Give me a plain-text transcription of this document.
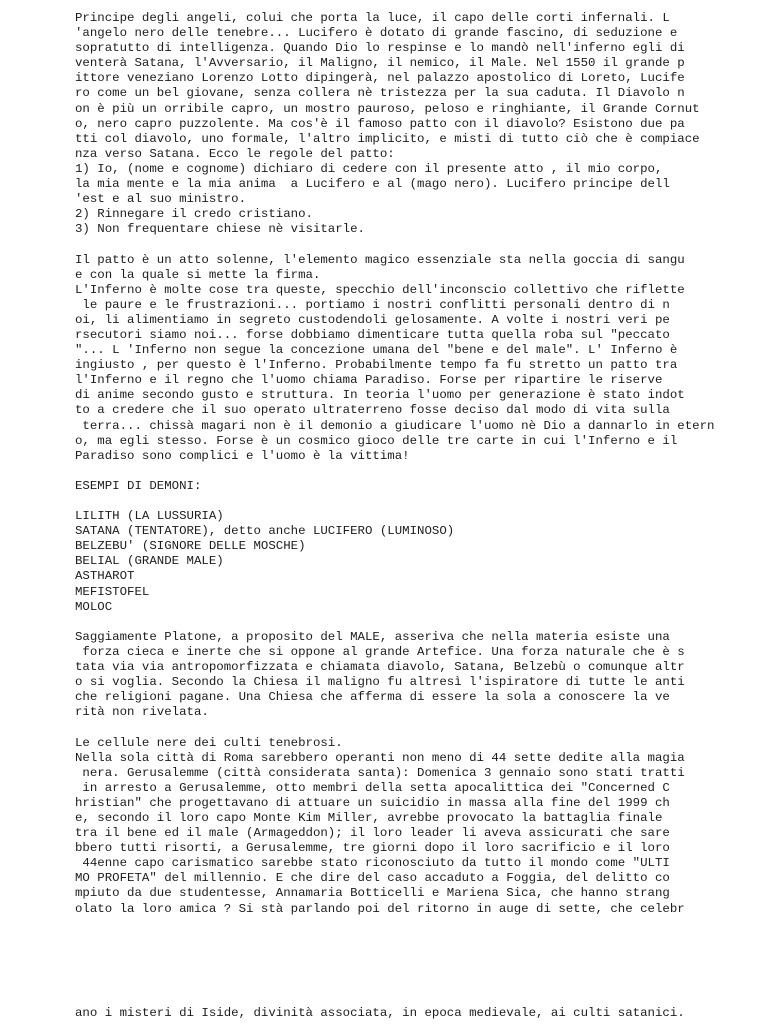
Principe degli angeli, colui che porta la luce, il capo delle corti infernali. L
'angelo nero delle tenebre... Lucifero è dotato di grande fascino, di seduzione e
sopratutto di intelligenza. Quando Dio lo respinse e lo mandò nell'inferno egli di
venterà Satana, l'Avversario, il Maligno, il nemico, il Male. Nel 1550 il grande p
ittore veneziano Lorenzo Lotto dipingerà, nel palazzo apostolico di Loreto, Lucife
ro come un bel giovane, senza collera nè tristezza per la sua caduta. Il Diavolo n
on è più un orribile capro, un mostro pauroso, peloso e ringhiante, il Grande Cornut
o, nero capro puzzolente. Ma cos'è il famoso patto con il diavolo? Esistono due pa
tti col diavolo, uno formale, l'altro implicito, e misti di tutto ciò che è compiace
nza verso Satana. Ecco le regole del patto:
1) Io, (nome e cognome) dichiaro di cedere con il presente atto , il mio corpo,
la mia mente e la mia anima  a Lucifero e al (mago nero). Lucifero principe dell
'est e al suo ministro.
2) Rinnegare il credo cristiano.
3) Non frequentare chiese nè visitarle.
Il patto è un atto solenne, l'elemento magico essenziale sta nella goccia di sangu
e con la quale si mette la firma.
L'Inferno è molte cose tra queste, specchio dell'inconscio collettivo che riflette
le paure e le frustrazioni... portiamo i nostri conflitti personali dentro di n
oi, li alimentiamo in segreto custodendoli gelosamente. A volte i nostri veri pe
rsecutori siamo noi... forse dobbiamo dimenticare tutta quella roba sul "peccato
"... L 'Inferno non segue la concezione umana del "bene e del male". L' Inferno è
ingiusto , per questo è l'Inferno. Probabilmente tempo fa fu stretto un patto tra
l'Inferno e il regno che l'uomo chiama Paradiso. Forse per ripartire le riserve
di anime secondo gusto e struttura. In teoria l'uomo per generazione è stato indot
to a credere che il suo operato ultraterreno fosse deciso dal modo di vita sulla
terra... chissà magari non è il demonio a giudicare l'uomo nè Dio a dannarlo in etern
o, ma egli stesso. Forse è un cosmico gioco delle tre carte in cui l'Inferno e il
Paradiso sono complici e l'uomo è la vittima!
ESEMPI DI DEMONI:
LILITH (LA LUSSURIA)
SATANA (TENTATORE), detto anche LUCIFERO (LUMINOSO)
BELZEBU' (SIGNORE DELLE MOSCHE)
BELIAL (GRANDE MALE)
ASTHAROT
MEFISTOFEL
MOLOC
Saggiamente Platone, a proposito del MALE, asseriva che nella materia esiste una
forza cieca e inerte che si oppone al grande Artefice. Una forza naturale che è s
tata via via antropomorfizzata e chiamata diavolo, Satana, Belzebù o comunque altr
o si voglia. Secondo la Chiesa il maligno fu altresì l'ispiratore di tutte le anti
che religioni pagane. Una Chiesa che afferma di essere la sola a conoscere la ve
rità non rivelata.
Le cellule nere dei culti tenebrosi.
Nella sola città di Roma sarebbero operanti non meno di 44 sette dedite alla magia
nera. Gerusalemme (città considerata santa): Domenica 3 gennaio sono stati tratti
in arresto a Gerusalemme, otto membri della setta apocalittica dei "Concerned C
hristian" che progettavano di attuare un suicidio in massa alla fine del 1999 ch
e, secondo il loro capo Monte Kim Miller, avrebbe provocato la battaglia finale
tra il bene ed il male (Armageddon); il loro leader li aveva assicurati che sare
bbero tutti risorti, a Gerusalemme, tre giorni dopo il loro sacrificio e il loro
44enne capo carismatico sarebbe stato riconosciuto da tutto il mondo come "ULTI
MO PROFETA" del millennio. E che dire del caso accaduto a Foggia, del delitto co
mpiuto da due studentesse, Annamaria Botticelli e Mariena Sica, che hanno strang
olato la loro amica ? Si stà parlando poi del ritorno in auge di sette, che celebr
ano i misteri di Iside, divinità associata, in epoca medievale, ai culti satanici.
